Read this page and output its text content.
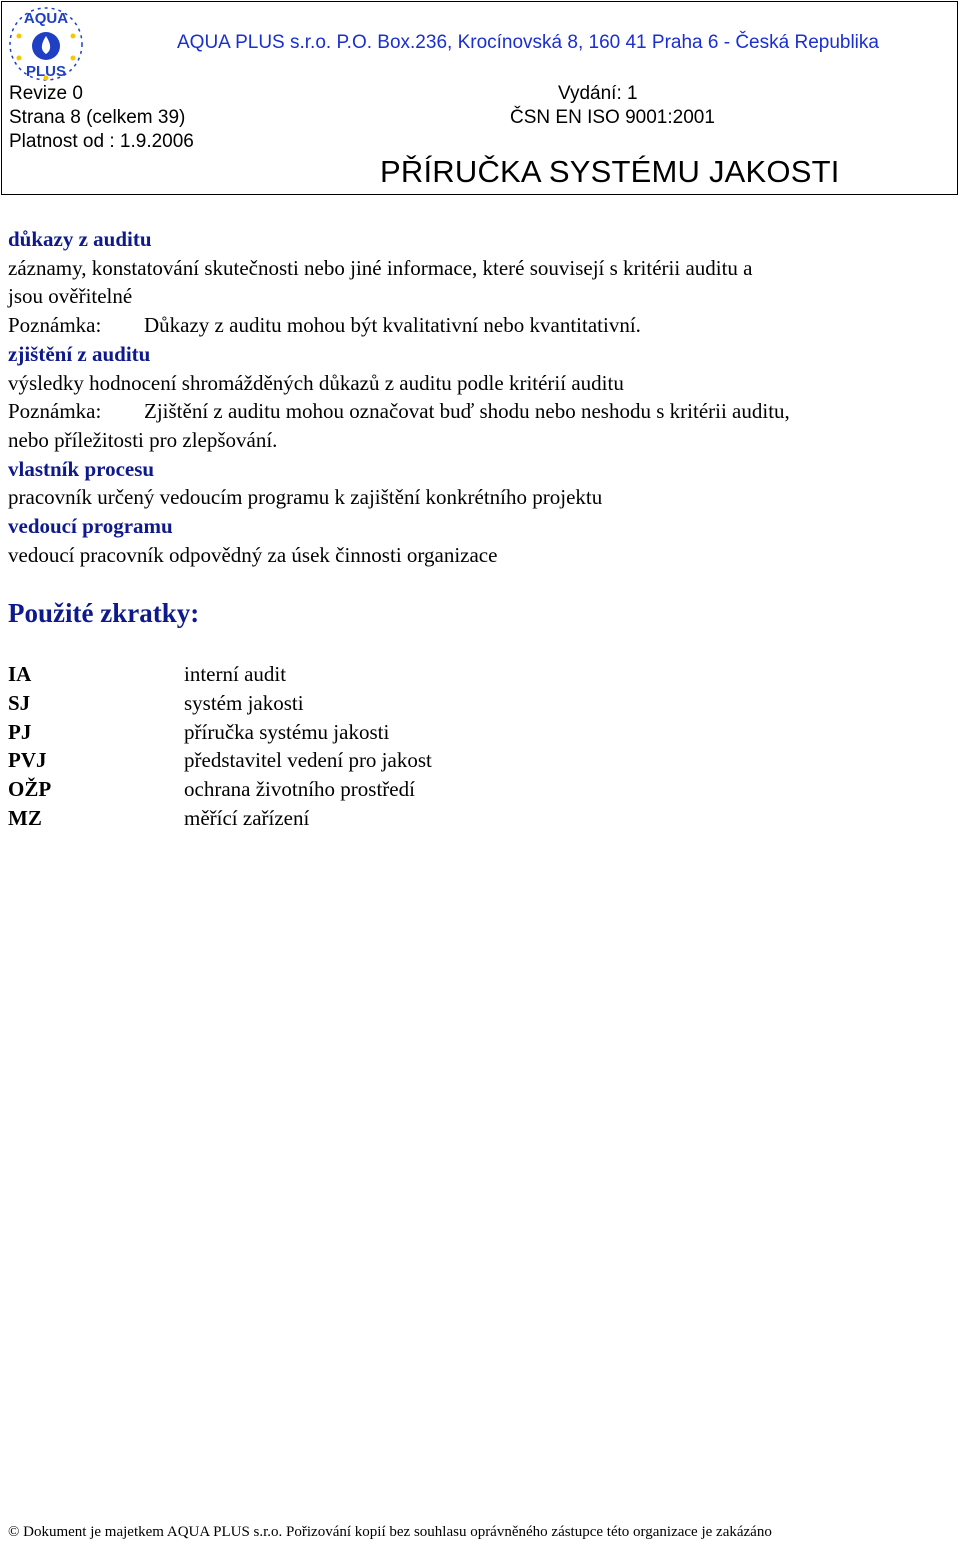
AQUA
PLUS
AQUA PLUS s.r.o. P.O. Box.236, Krocínovská 8, 160 41 Praha 6 - Česká Republika
Revize 0
Strana 8 (celkem 39)
Platnost od : 1.9.2006
Vydání: 1
ČSN EN ISO 9001:2001
PŘÍRUČKA SYSTÉMU JAKOSTI

důkazy z auditu

záznamy, konstatování skutečnosti nebo jiné informace, které souvisejí s kritérii auditu a

jsou ověřitelné

Poznámka: Důkazy z auditu mohou být kvalitativní nebo kvantitativní.

zjištění z auditu

výsledky hodnocení shromážděných důkazů z auditu podle kritérií auditu

Poznámka: Zjištění z auditu mohou označovat buď shodu nebo neshodu s kritérii auditu,

nebo příležitosti pro zlepšování.

vlastník procesu

pracovník určený vedoucím programu k zajištění konkrétního projektu

vedoucí programu

vedoucí pracovník odpovědný za úsek činnosti organizace

Použité zkratky:
IA	interní audit
SJ	systém jakosti
PJ	příručka systému jakosti
PVJ	představitel vedení pro jakost
OŽP	ochrana životního prostředí
MZ	měřící zařízení
© Dokument je majetkem AQUA PLUS s.r.o. Pořizování kopií bez souhlasu oprávněného zástupce této organizace je zakázáno
